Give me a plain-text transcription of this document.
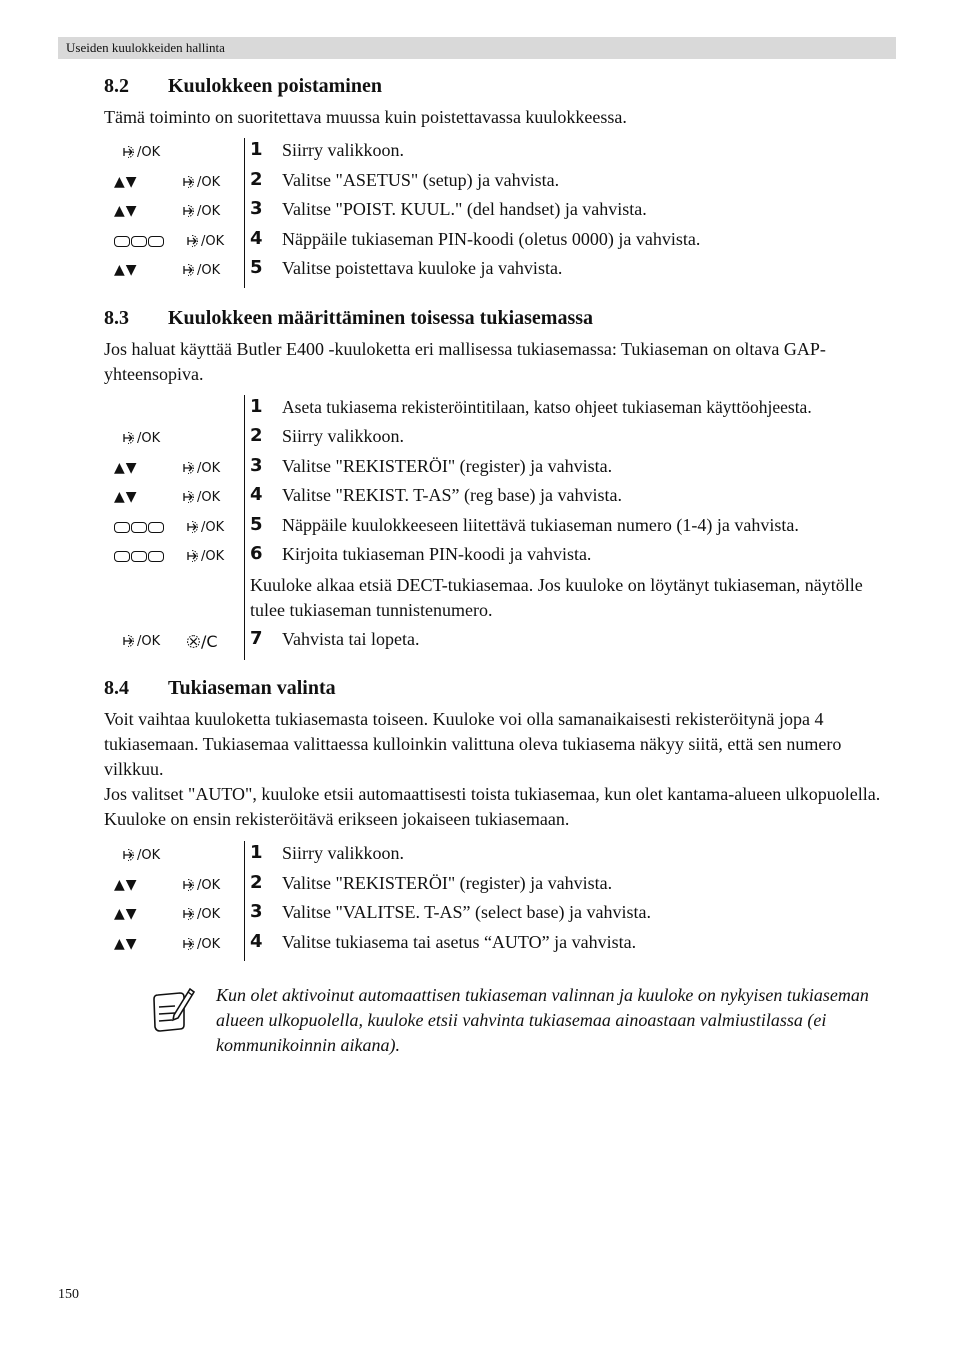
Useiden kuulokkeiden hallinta
8.2 Kuulokkeen poistaminen

Tämä toiminto on suoritettava muussa kuin poistettavassa kuulokkeessa.

/OK	1 Siirry valikkoon.
▲▼	/OK 2 Valitse "ASETUS" (setup) ja vahvista.
▲▼	/OK 3 Valitse "POIST. KUUL." (del handset) ja vahvista.
/OK 4 Näppäile tukiaseman PIN-koodi (oletus 0000) ja vahvista.
▲▼	/OK 5 Valitse poistettava kuuloke ja vahvista.
8.3 Kuulokkeen määrittäminen toisessa tukiasemassa

Jos haluat käyttää Butler E400 -kuuloketta eri mallisessa tukiasemassa: Tukiaseman on oltava GAP-yhteensopiva.

1 Aseta tukiasema rekisteröintitilaan, katso ohjeet tukiaseman käyttöohjeesta.
/OK	2 Siirry valikkoon.
▲▼	/OK 3 Valitse "REKISTERÖI" (register) ja vahvista.
▲▼	/OK 4 Valitse "REKIST. T-AS” (reg base) ja vahvista.
/OK 5 Näppäile kuulokkeeseen liitettävä tukiaseman numero (1-4) ja vahvista.
/OK 6 Kirjoita tukiaseman PIN-koodi ja vahvista.
Kuuloke alkaa etsiä DECT-tukiasemaa. Jos kuuloke on löytänyt tukiaseman, näytölle tulee tukiaseman tunnistenumero.
/OK	/C 7 Vahvista tai lopeta.
8.4 Tukiaseman valinta

Voit vaihtaa kuuloketta tukiasemasta toiseen. Kuuloke voi olla samanaikaisesti rekisteröitynä jopa 4 tukiasemaan. Tukiasemaa valittaessa kulloinkin valittuna oleva tukiasema näkyy siitä, että sen numero vilkkuu.

Jos valitset "AUTO", kuuloke etsii automaattisesti toista tukiasemaa, kun olet kantama-alueen ulkopuolella. Kuuloke on ensin rekisteröitävä erikseen jokaiseen tukiasemaan.

/OK	1 Siirry valikkoon.
▲▼	/OK 2 Valitse "REKISTERÖI" (register) ja vahvista.
▲▼	/OK 3 Valitse "VALITSE. T-AS” (select base) ja vahvista.
▲▼	/OK 4 Valitse tukiasema tai asetus “AUTO” ja vahvista.

Kun olet aktivoinut automaattisen tukiaseman valinnan ja kuuloke on nykyisen tukiaseman alueen ulkopuolella, kuuloke etsii vahvinta tukiasemaa ainoastaan valmiustilassa (ei kommunikoinnin aikana).

150
